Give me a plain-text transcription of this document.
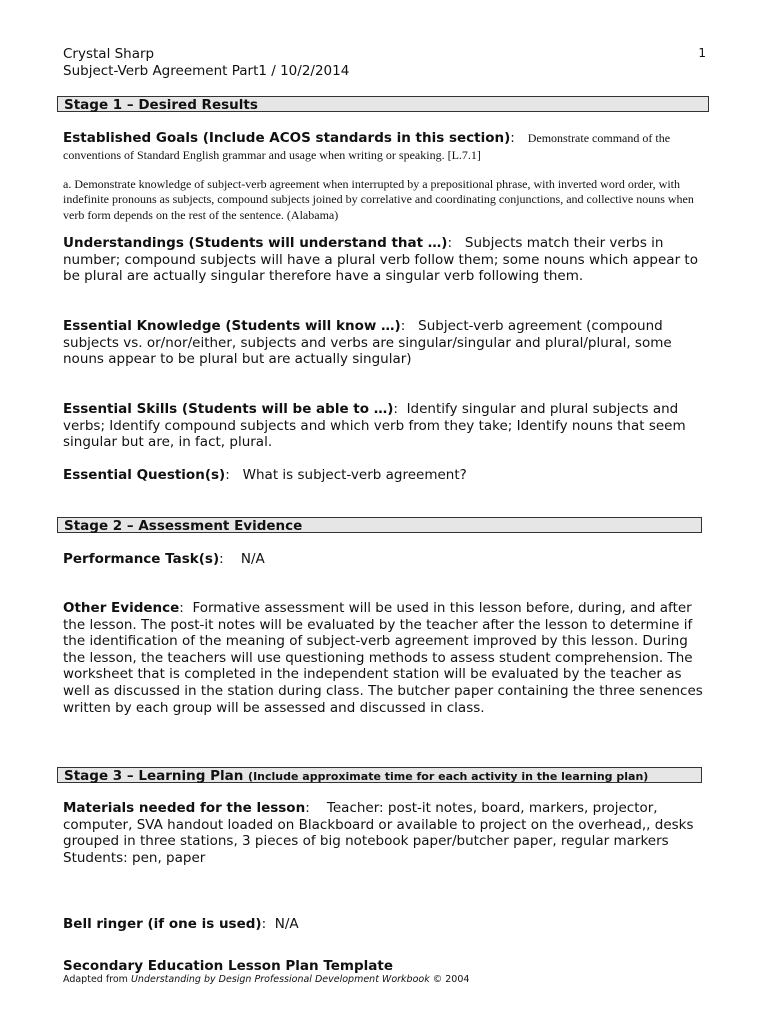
Crystal Sharp
Subject-Verb Agreement Part1 / 10/2/2014
1
Stage 1 – Desired Results

Established Goals (Include ACOS standards in this section): Demonstrate command of the conventions of Standard English grammar and usage when writing or speaking. [L.7.1]

a. Demonstrate knowledge of subject-verb agreement when interrupted by a prepositional phrase, with inverted word order, with indefinite pronouns as subjects, compound subjects joined by correlative and coordinating conjunctions, and collective nouns when verb form depends on the rest of the sentence. (Alabama)

Understandings (Students will understand that …): Subjects match their verbs in number; compound subjects will have a plural verb follow them; some nouns which appear to be plural are actually singular therefore have a singular verb following them.

Essential Knowledge (Students will know …): Subject-verb agreement (compound subjects vs. or/nor/either, subjects and verbs are singular/singular and plural/plural, some nouns appear to be plural but are actually singular)

Essential Skills (Students will be able to …): Identify singular and plural subjects and verbs; Identify compound subjects and which verb from they take; Identify nouns that seem singular but are, in fact, plural.

Essential Question(s): What is subject-verb agreement?

Stage 2 – Assessment Evidence

Performance Task(s): N/A

Other Evidence: Formative assessment will be used in this lesson before, during, and after the lesson. The post-it notes will be evaluated by the teacher after the lesson to determine if the identification of the meaning of subject-verb agreement improved by this lesson. During the lesson, the teachers will use questioning methods to assess student comprehension. The worksheet that is completed in the independent station will be evaluated by the teacher as well as discussed in the station during class. The butcher paper containing the three senences written by each group will be assessed and discussed in class.

Stage 3 – Learning Plan (Include approximate time for each activity in the learning plan)

Materials needed for the lesson: Teacher: post-it notes, board, markers, projector, computer, SVA handout loaded on Blackboard or available to project on the overhead,, desks grouped in three stations, 3 pieces of big notebook paper/butcher paper, regular markers
Students: pen, paper

Bell ringer (if one is used): N/A

Secondary Education Lesson Plan Template
Adapted from Understanding by Design Professional Development Workbook © 2004
